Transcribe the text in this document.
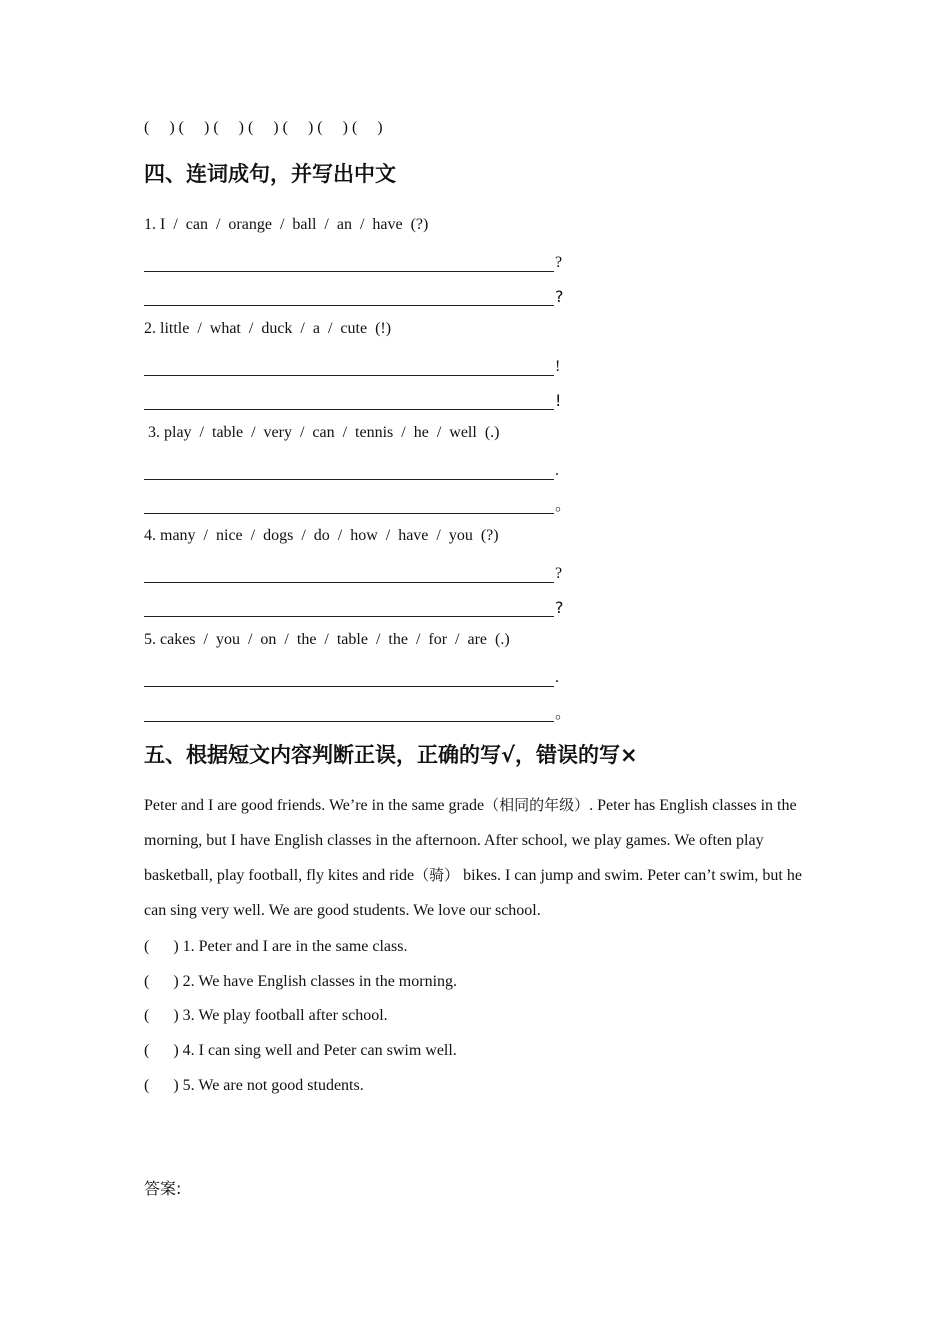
(     ) (     ) (     ) (     ) (     ) (     ) (     )
四、连词成句，并写出中文
1. I  /  can  /  orange  /  ball  /  an  /  have  (?)
?
?
2. little  /  what  /  duck  /  a  /  cute  (!)
!
!
3. play  /  table  /  very  /  can  /  tennis  /  he  /  well  (.)
.
。
4. many  /  nice  /  dogs  /  do  /  how  /  have  /  you  (?)
?
?
5. cakes  /  you  /  on  /  the  /  table  /  the  /  for  /  are  (.)
.
。
五、根据短文内容判断正误，正确的写√，错误的写×
Peter and I are good friends. We’re in the same grade（相同的年级）. Peter has English classes in the morning, but I have English classes in the afternoon. After school, we play games. We often play basketball, play football, fly kites and ride（骑） bikes. I can jump and swim. Peter can’t swim, but he can sing very well. We are good students. We love our school.
(      ) 1. Peter and I are in the same class.
(      ) 2. We have English classes in the morning.
(      ) 3. We play football after school.
(      ) 4. I can sing well and Peter can swim well.
(      ) 5. We are not good students.
答案:
